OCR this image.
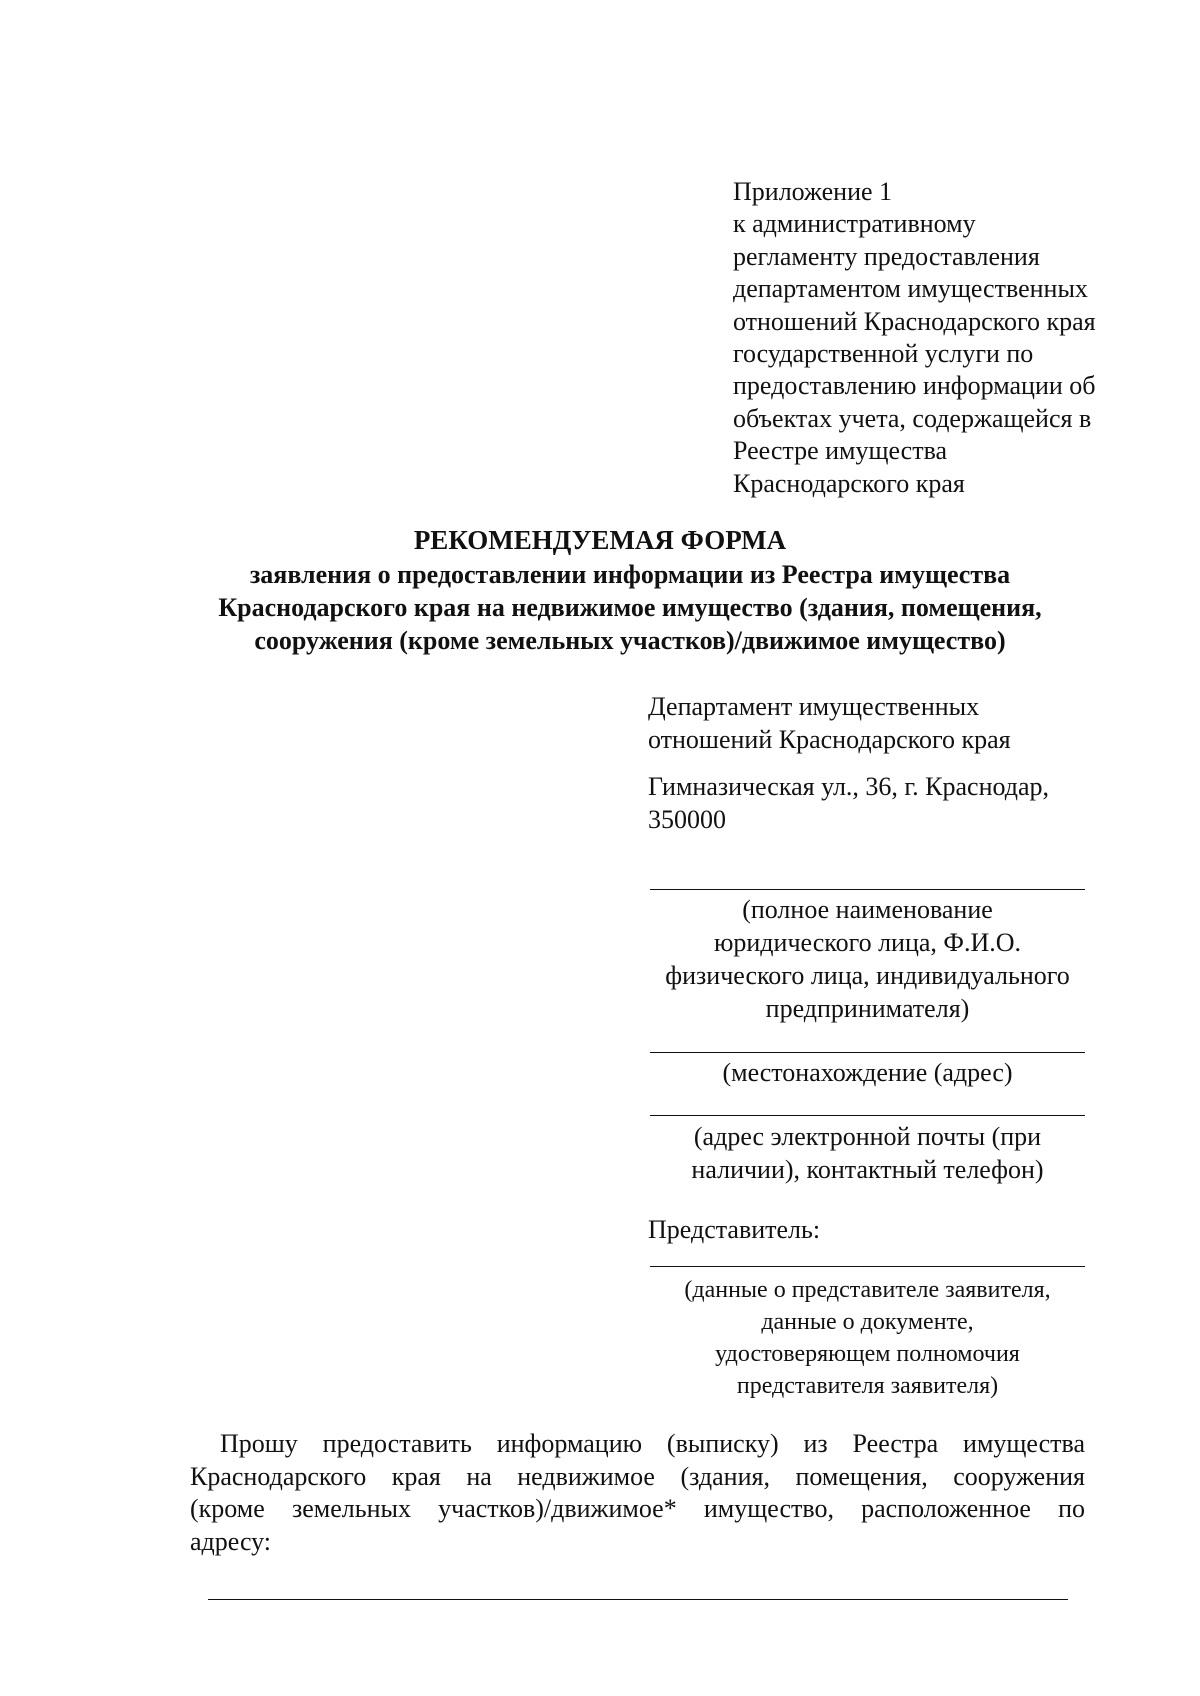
Приложение 1
к административному
регламенту предоставления
департаментом имущественных
отношений Краснодарского края
государственной услуги по
предоставлению информации об
объектах учета, содержащейся в
Реестре имущества
Краснодарского края
РЕКОМЕНДУЕМАЯ ФОРМА
заявления о предоставлении информации из Реестра имущества
Краснодарского края на недвижимое имущество (здания, помещения,
сооружения (кроме земельных участков)/движимое имущество)
Департамент имущественных
отношений Краснодарского края
Гимназическая ул., 36, г. Краснодар,
350000
(полное наименование
юридического лица, Ф.И.О.
физического лица, индивидуального
предпринимателя)
(местонахождение (адрес)
(адрес электронной почты (при
наличии), контактный телефон)
Представитель:
(данные о представителе заявителя,
данные о документе,
удостоверяющем полномочия
представителя заявителя)
Прошу предоставить информацию (выписку) из Реестра имущества
Краснодарского края на недвижимое (здания, помещения, сооружения
(кроме земельных участков)/движимое* имущество, расположенное по
адресу:
